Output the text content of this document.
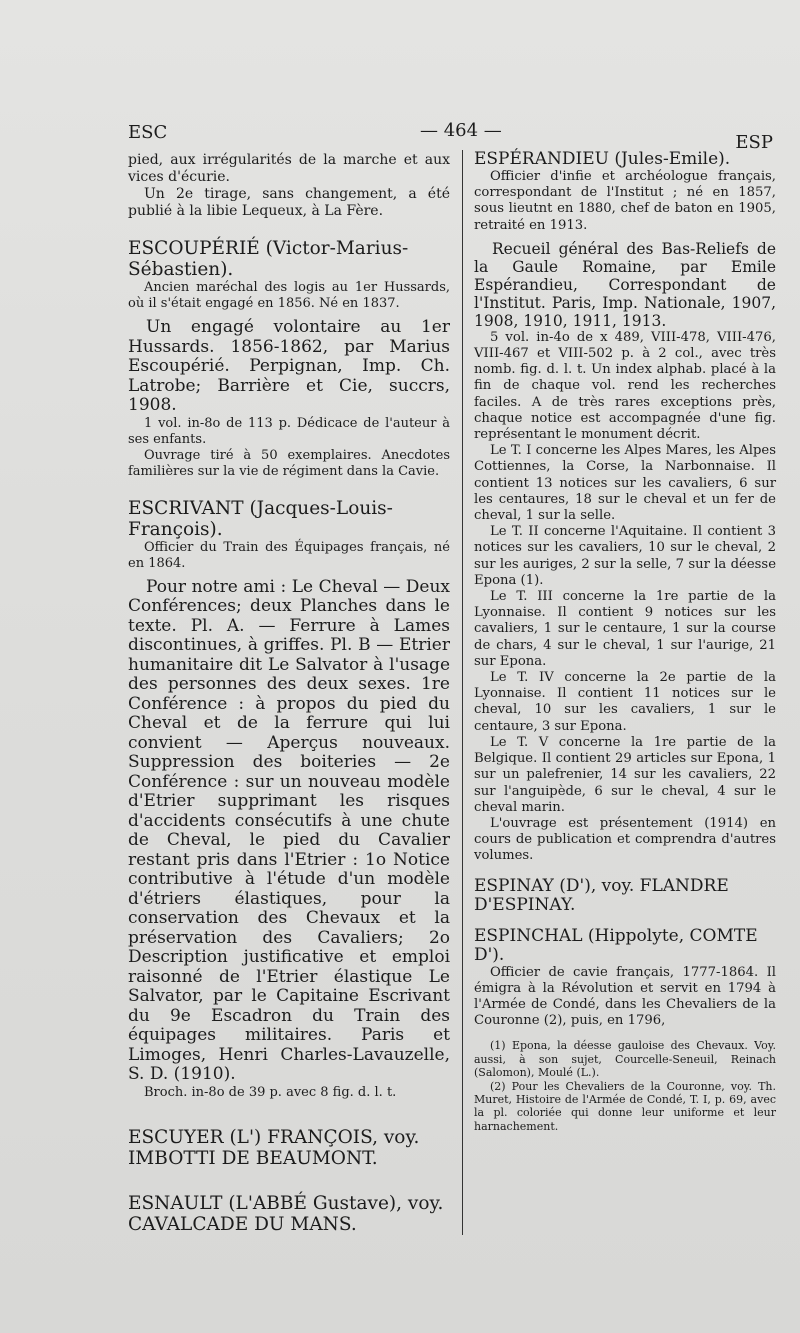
ESC	— 464 —
ESP

pied, aux irrégularités de la marche et aux vices d'écurie.

Un 2e tirage, sans changement, a été publié à la libie Lequeux, à La Fère.

ESCOUPÉRIÉ (Victor-Marius-Sébastien).

Ancien maréchal des logis au 1er Hussards, où il s'était engagé en 1856. Né en 1837.

Un engagé volontaire au 1er Hussards. 1856-1862, par Marius Escoupérié. Perpignan, Imp. Ch. Latrobe; Barrière et Cie, succrs, 1908.

1 vol. in-8o de 113 p. Dédicace de l'auteur à ses enfants.

Ouvrage tiré à 50 exemplaires. Anecdotes familières sur la vie de régiment dans la Cavie.

ESCRIVANT (Jacques-Louis-François).

Officier du Train des Équipages français, né en 1864.

Pour notre ami : Le Cheval — Deux Conférences; deux Planches dans le texte. Pl. A. — Ferrure à Lames discontinues, à griffes. Pl. B — Etrier humanitaire dit Le Salvator à l'usage des personnes des deux sexes. 1re Conférence : à propos du pied du Cheval et de la ferrure qui lui convient — Aperçus nouveaux. Suppression des boiteries — 2e Conférence : sur un nouveau modèle d'Etrier supprimant les risques d'accidents consécutifs à une chute de Cheval, le pied du Cavalier restant pris dans l'Etrier : 1o Notice contributive à l'étude d'un modèle d'étriers élastiques, pour la conservation des Chevaux et la préservation des Cavaliers; 2o Description justificative et emploi raisonné de l'Etrier élastique Le Salvator, par le Capitaine Escrivant du 9e Escadron du Train des équipages militaires. Paris et Limoges, Henri Charles-Lavauzelle, S. D. (1910).

Broch. in-8o de 39 p. avec 8 fig. d. l. t.

ESCUYER (L') FRANÇOIS, voy. IMBOTTI DE BEAUMONT.

ESNAULT (L'ABBÉ Gustave), voy. CAVALCADE DU MANS.

ESPÉRANDIEU (Jules-Emile).

Officier d'infie et archéologue français, correspondant de l'Institut ; né en 1857, sous lieutnt en 1880, chef de baton en 1905, retraité en 1913.

Recueil général des Bas-Reliefs de la Gaule Romaine, par Emile Espérandieu, Correspondant de l'Institut. Paris, Imp. Nationale, 1907, 1908, 1910, 1911, 1913.

5 vol. in-4o de x 489, VIII-478, VIII-476, VIII-467 et VIII-502 p. à 2 col., avec très nomb. fig. d. l. t. Un index alphab. placé à la fin de chaque vol. rend les recherches faciles. A de très rares exceptions près, chaque notice est accompagnée d'une fig. représentant le monument décrit.

Le T. I concerne les Alpes Mares, les Alpes Cottiennes, la Corse, la Narbonnaise. Il contient 13 notices sur les cavaliers, 6 sur les centaures, 18 sur le cheval et un fer de cheval, 1 sur la selle.

Le T. II concerne l'Aquitaine. Il contient 3 notices sur les cavaliers, 10 sur le cheval, 2 sur les auriges, 2 sur la selle, 7 sur la déesse Epona (1).

Le T. III concerne la 1re partie de la Lyonnaise. Il contient 9 notices sur les cavaliers, 1 sur le centaure, 1 sur la course de chars, 4 sur le cheval, 1 sur l'aurige, 21 sur Epona.

Le T. IV concerne la 2e partie de la Lyonnaise. Il contient 11 notices sur le cheval, 10 sur les cavaliers, 1 sur le centaure, 3 sur Epona.

Le T. V concerne la 1re partie de la Belgique. Il contient 29 articles sur Epona, 1 sur un palefrenier, 14 sur les cavaliers, 22 sur l'anguipède, 6 sur le cheval, 4 sur le cheval marin.

L'ouvrage est présentement (1914) en cours de publication et comprendra d'autres volumes.

ESPINAY (D'), voy. FLANDRE D'ESPINAY.

ESPINCHAL (Hippolyte, COMTE D').

Officier de cavie français, 1777-1864. Il émigra à la Révolution et servit en 1794 à l'Armée de Condé, dans les Chevaliers de la Couronne (2), puis, en 1796,

(1) Epona, la déesse gauloise des Chevaux. Voy. aussi, à son sujet, Courcelle-Seneuil, Reinach (Salomon), Moulé (L.).

(2) Pour les Chevaliers de la Couronne, voy. Th. Muret, Histoire de l'Armée de Condé, T. I, p. 69, avec la pl. coloriée qui donne leur uniforme et leur harnachement.
